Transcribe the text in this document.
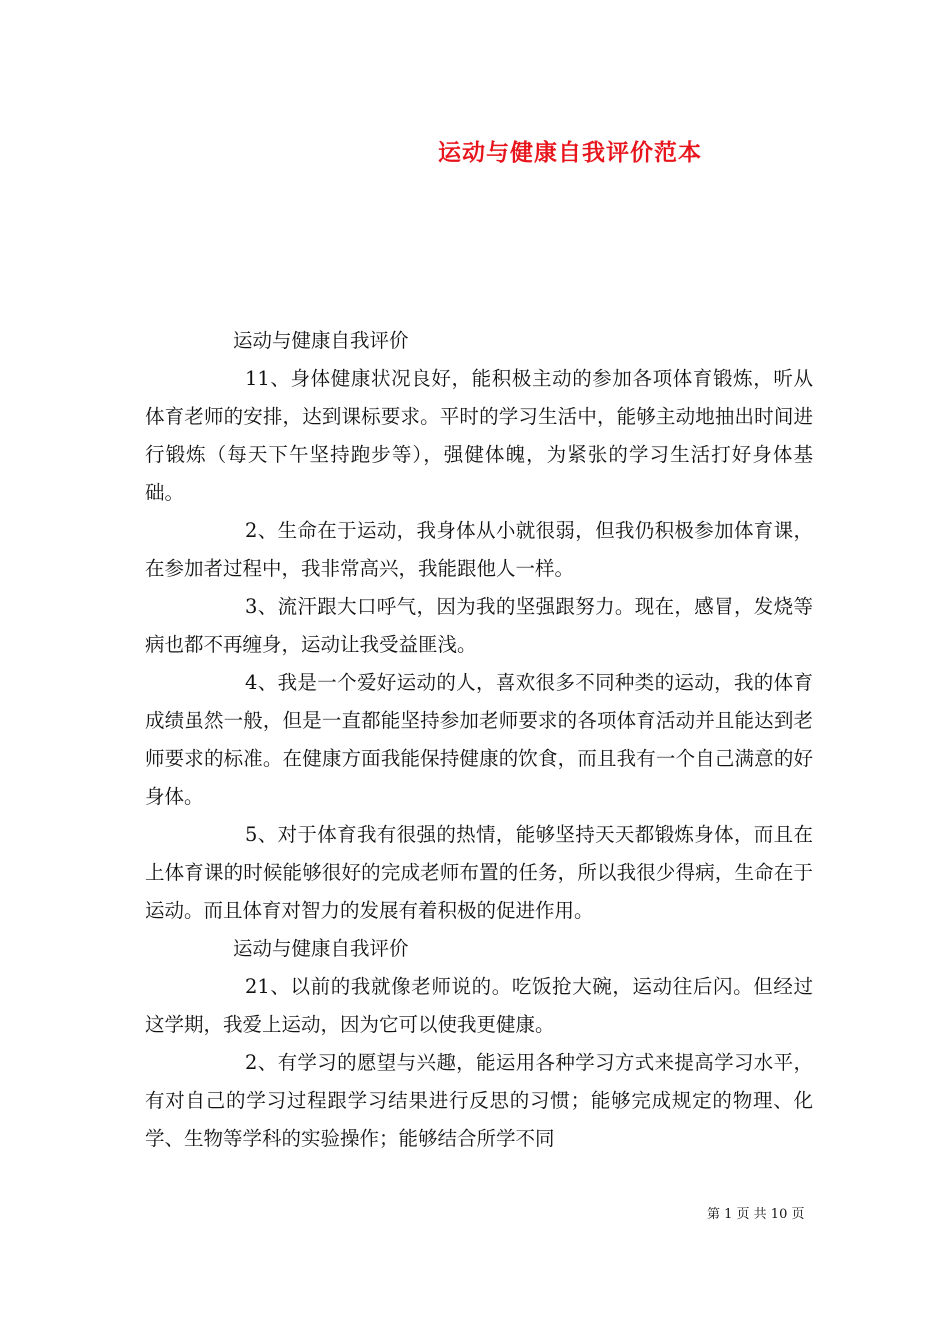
运动与健康自我评价范本

运动与健康自我评价

11、身体健康状况良好，能积极主动的参加各项体育锻炼，听从体育老师的安排，达到课标要求。平时的学习生活中，能够主动地抽出时间进行锻炼（每天下午坚持跑步等），强健体魄，为紧张的学习生活打好身体基础。

2、生命在于运动，我身体从小就很弱，但我仍积极参加体育课，在参加者过程中，我非常高兴，我能跟他人一样。

3、流汗跟大口呼气，因为我的坚强跟努力。现在，感冒，发烧等病也都不再缠身，运动让我受益匪浅。

4、我是一个爱好运动的人，喜欢很多不同种类的运动，我的体育成绩虽然一般，但是一直都能坚持参加老师要求的各项体育活动并且能达到老师要求的标准。在健康方面我能保持健康的饮食，而且我有一个自己满意的好身体。

5、对于体育我有很强的热情，能够坚持天天都锻炼身体，而且在上体育课的时候能够很好的完成老师布置的任务，所以我很少得病，生命在于运动。而且体育对智力的发展有着积极的促进作用。

运动与健康自我评价

21、以前的我就像老师说的。吃饭抢大碗，运动往后闪。但经过这学期，我爱上运动，因为它可以使我更健康。

2、有学习的愿望与兴趣，能运用各种学习方式来提高学习水平，有对自己的学习过程跟学习结果进行反思的习惯；能够完成规定的物理、化学、生物等学科的实验操作；能够结合所学不同

第 1 页 共 10 页
